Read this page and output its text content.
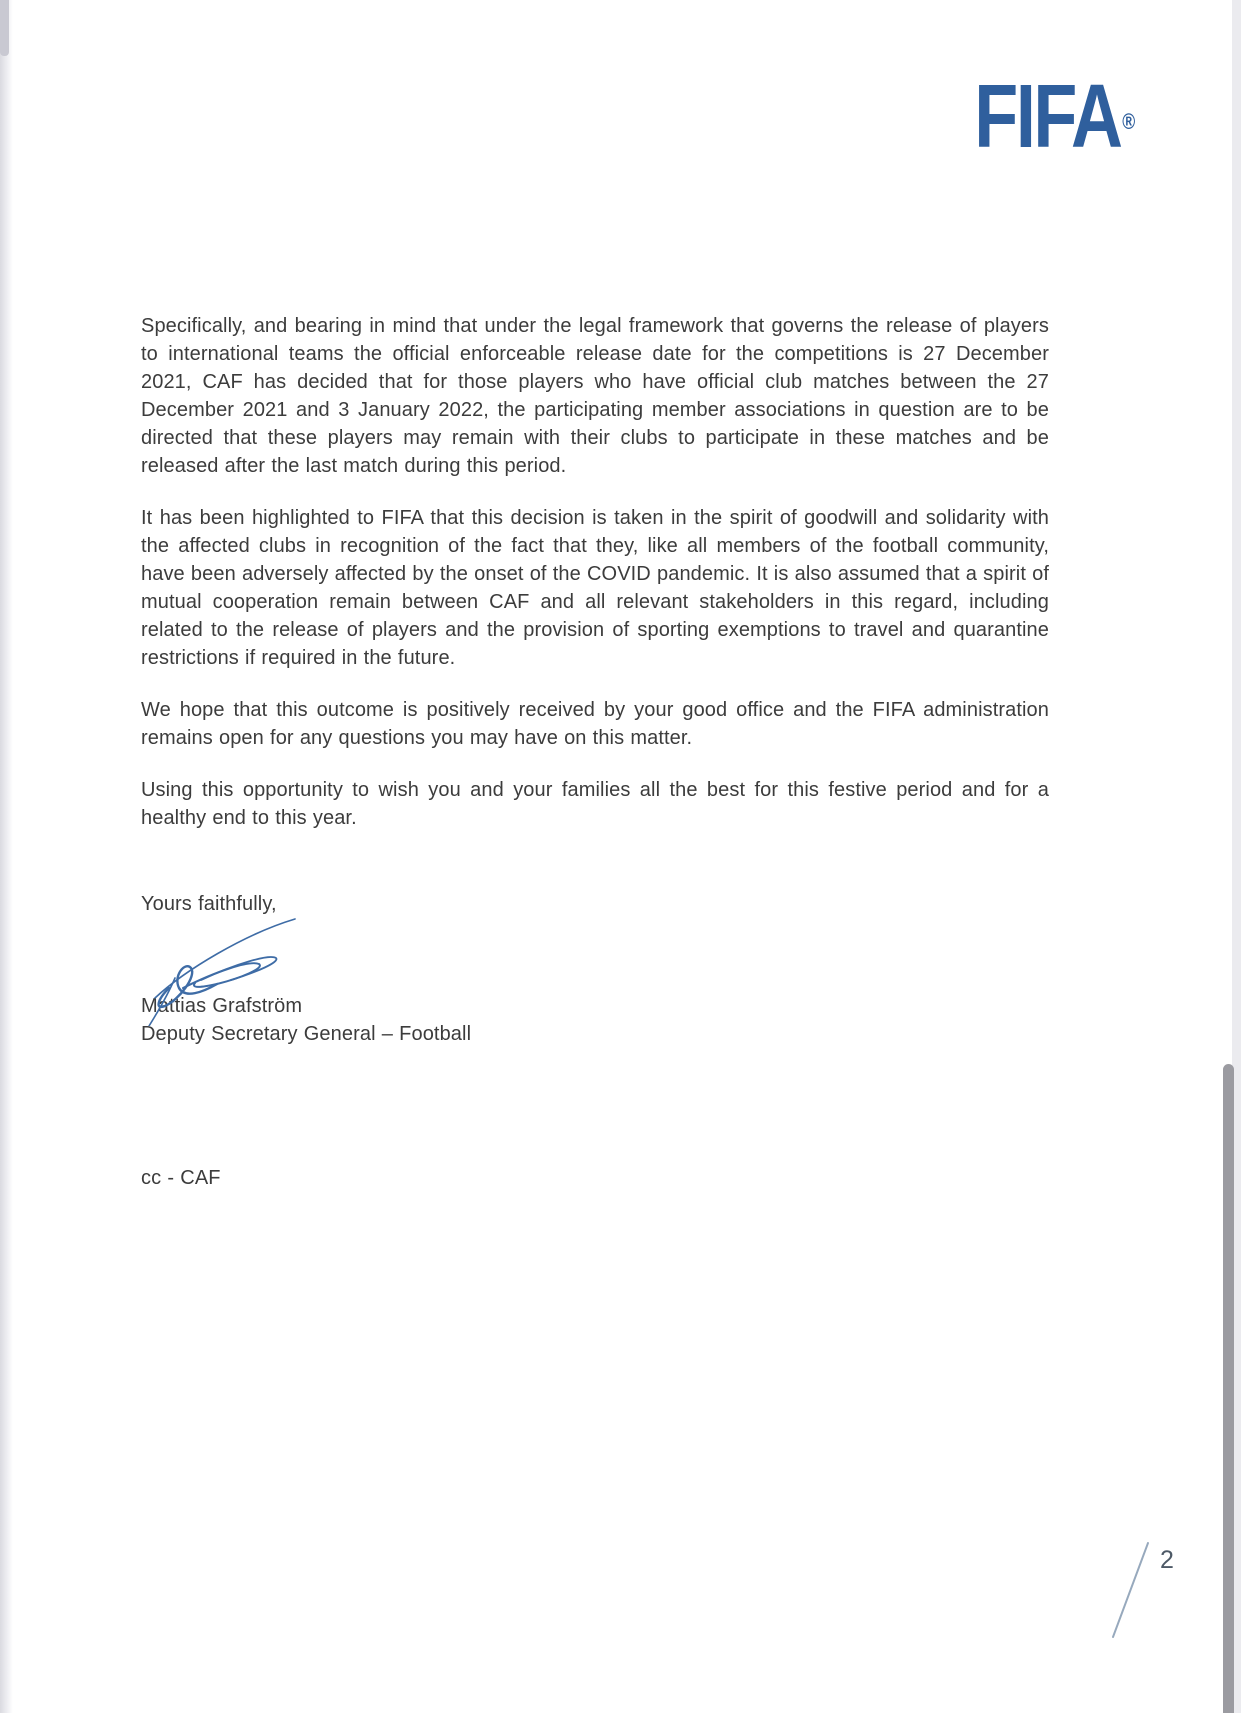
FIFA®

Specifically, and bearing in mind that under the legal framework that governs the release of players to international teams the official enforceable release date for the competitions is 27 December 2021, CAF has decided that for those players who have official club matches between the 27 December 2021 and 3 January 2022, the participating member associations in question are to be directed that these players may remain with their clubs to participate in these matches and be released after the last match during this period.

It has been highlighted to FIFA that this decision is taken in the spirit of goodwill and solidarity with the affected clubs in recognition of the fact that they, like all members of the football community, have been adversely affected by the onset of the COVID pandemic. It is also assumed that a spirit of mutual cooperation remain between CAF and all relevant stakeholders in this regard, including related to the release of players and the provision of sporting exemptions to travel and quarantine restrictions if required in the future.

We hope that this outcome is positively received by your good office and the FIFA administration remains open for any questions you may have on this matter.

Using this opportunity to wish you and your families all the best for this festive period and for a healthy end to this year.

Yours faithfully,

Mattias Grafström
Deputy Secretary General – Football
cc - CAF
2
